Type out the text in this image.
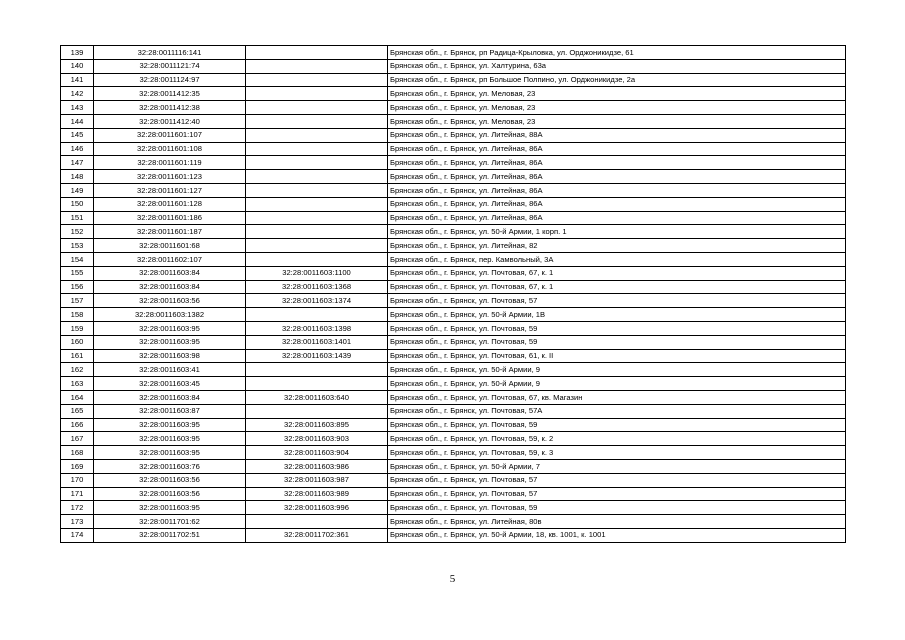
139	32:28:0011116:141		Брянская обл., г. Брянск, рп Радица-Крыловка, ул. Орджоникидзе, 61
140	32:28:0011121:74		Брянская обл., г. Брянск, ул. Халтурина, 63а
141	32:28:0011124:97		Брянская обл., г. Брянск, рп Большое Полпино, ул. Орджоникидзе, 2а
142	32:28:0011412:35		Брянская обл., г. Брянск, ул. Меловая, 23
143	32:28:0011412:38		Брянская обл., г. Брянск, ул. Меловая, 23
144	32:28:0011412:40		Брянская обл., г. Брянск, ул. Меловая, 23
145	32:28:0011601:107		Брянская обл., г. Брянск, ул. Литейная, 88А
146	32:28:0011601:108		Брянская обл., г. Брянск, ул. Литейная, 86А
147	32:28:0011601:119		Брянская обл., г. Брянск, ул. Литейная, 86А
148	32:28:0011601:123		Брянская обл., г. Брянск, ул. Литейная, 86А
149	32:28:0011601:127		Брянская обл., г. Брянск, ул. Литейная, 86А
150	32:28:0011601:128		Брянская обл., г. Брянск, ул. Литейная, 86А
151	32:28:0011601:186		Брянская обл., г. Брянск, ул. Литейная, 86А
152	32:28:0011601:187		Брянская обл., г. Брянск, ул. 50-й Армии, 1 корп. 1
153	32:28:0011601:68		Брянская обл., г. Брянск, ул. Литейная, 82
154	32:28:0011602:107		Брянская обл., г. Брянск, пер. Камвольный, 3А
155	32:28:0011603:84	32:28:0011603:1100	Брянская обл., г. Брянск, ул. Почтовая, 67, к. 1
156	32:28:0011603:84	32:28:0011603:1368	Брянская обл., г. Брянск, ул. Почтовая, 67, к. 1
157	32:28:0011603:56	32:28:0011603:1374	Брянская обл., г. Брянск, ул. Почтовая, 57
158	32:28:0011603:1382		Брянская обл., г. Брянск, ул. 50-й Армии, 1В
159	32:28:0011603:95	32:28:0011603:1398	Брянская обл., г. Брянск, ул. Почтовая, 59
160	32:28:0011603:95	32:28:0011603:1401	Брянская обл., г. Брянск, ул. Почтовая, 59
161	32:28:0011603:98	32:28:0011603:1439	Брянская обл., г. Брянск, ул. Почтовая, 61, к. II
162	32:28:0011603:41		Брянская обл., г. Брянск, ул. 50-й Армии, 9
163	32:28:0011603:45		Брянская обл., г. Брянск, ул. 50-й Армии, 9
164	32:28:0011603:84	32:28:0011603:640	Брянская обл., г. Брянск, ул. Почтовая, 67, кв. Магазин
165	32:28:0011603:87		Брянская обл., г. Брянск, ул. Почтовая, 57А
166	32:28:0011603:95	32:28:0011603:895	Брянская обл., г. Брянск, ул. Почтовая, 59
167	32:28:0011603:95	32:28:0011603:903	Брянская обл., г. Брянск, ул. Почтовая, 59, к. 2
168	32:28:0011603:95	32:28:0011603:904	Брянская обл., г. Брянск, ул. Почтовая, 59, к. 3
169	32:28:0011603:76	32:28:0011603:986	Брянская обл., г. Брянск, ул. 50-й Армии, 7
170	32:28:0011603:56	32:28:0011603:987	Брянская обл., г. Брянск, ул. Почтовая, 57
171	32:28:0011603:56	32:28:0011603:989	Брянская обл., г. Брянск, ул. Почтовая, 57
172	32:28:0011603:95	32:28:0011603:996	Брянская обл., г. Брянск, ул. Почтовая, 59
173	32:28:0011701:62		Брянская обл., г. Брянск, ул. Литейная, 80в
174	32:28:0011702:51	32:28:0011702:361	Брянская обл., г. Брянск, ул. 50-й Армии, 18, кв. 1001, к. 1001
5
